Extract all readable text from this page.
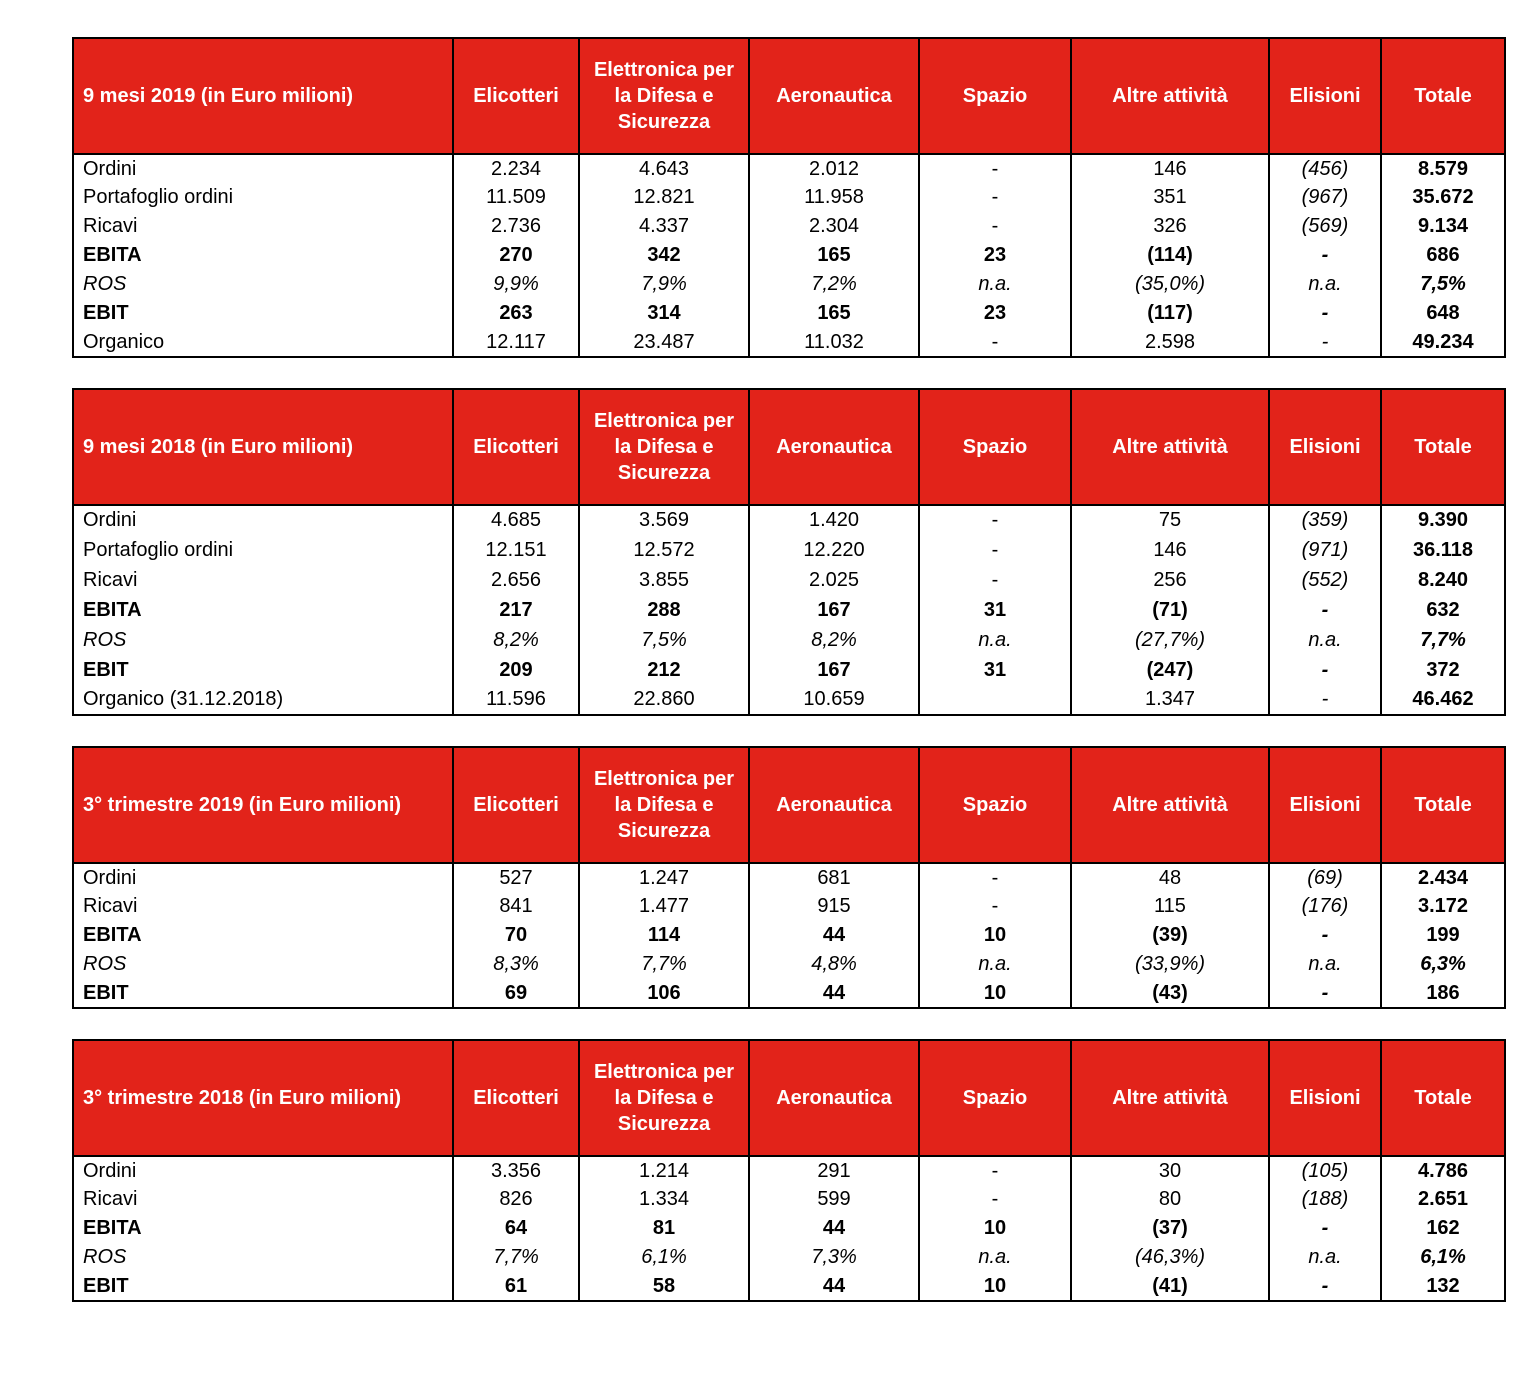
9 mesi 2019 (in Euro milioni)	Elicotteri	Elettronica per la Difesa e Sicurezza	Aeronautica	Spazio	Altre attività	Elisioni	Totale
Ordini	2.234	4.643	2.012	-	146	(456)	8.579
Portafoglio ordini	11.509	12.821	11.958	-	351	(967)	35.672
Ricavi	2.736	4.337	2.304	-	326	(569)	9.134
EBITA	270	342	165	23	(114)	-	686
ROS	9,9%	7,9%	7,2%	n.a.	(35,0%)	n.a.	7,5%
EBIT	263	314	165	23	(117)	-	648
Organico	12.117	23.487	11.032	-	2.598	-	49.234
9 mesi 2018 (in Euro milioni)	Elicotteri	Elettronica per la Difesa e Sicurezza	Aeronautica	Spazio	Altre attività	Elisioni	Totale
Ordini	4.685	3.569	1.420	-	75	(359)	9.390
Portafoglio ordini	12.151	12.572	12.220	-	146	(971)	36.118
Ricavi	2.656	3.855	2.025	-	256	(552)	8.240
EBITA	217	288	167	31	(71)	-	632
ROS	8,2%	7,5%	8,2%	n.a.	(27,7%)	n.a.	7,7%
EBIT	209	212	167	31	(247)	-	372
Organico (31.12.2018)	11.596	22.860	10.659		1.347	-	46.462
3° trimestre 2019 (in Euro milioni)	Elicotteri	Elettronica per la Difesa e Sicurezza	Aeronautica	Spazio	Altre attività	Elisioni	Totale
Ordini	527	1.247	681	-	48	(69)	2.434
Ricavi	841	1.477	915	-	115	(176)	3.172
EBITA	70	114	44	10	(39)	-	199
ROS	8,3%	7,7%	4,8%	n.a.	(33,9%)	n.a.	6,3%
EBIT	69	106	44	10	(43)	-	186
3° trimestre 2018 (in Euro milioni)	Elicotteri	Elettronica per la Difesa e Sicurezza	Aeronautica	Spazio	Altre attività	Elisioni	Totale
Ordini	3.356	1.214	291	-	30	(105)	4.786
Ricavi	826	1.334	599	-	80	(188)	2.651
EBITA	64	81	44	10	(37)	-	162
ROS	7,7%	6,1%	7,3%	n.a.	(46,3%)	n.a.	6,1%
EBIT	61	58	44	10	(41)	-	132
